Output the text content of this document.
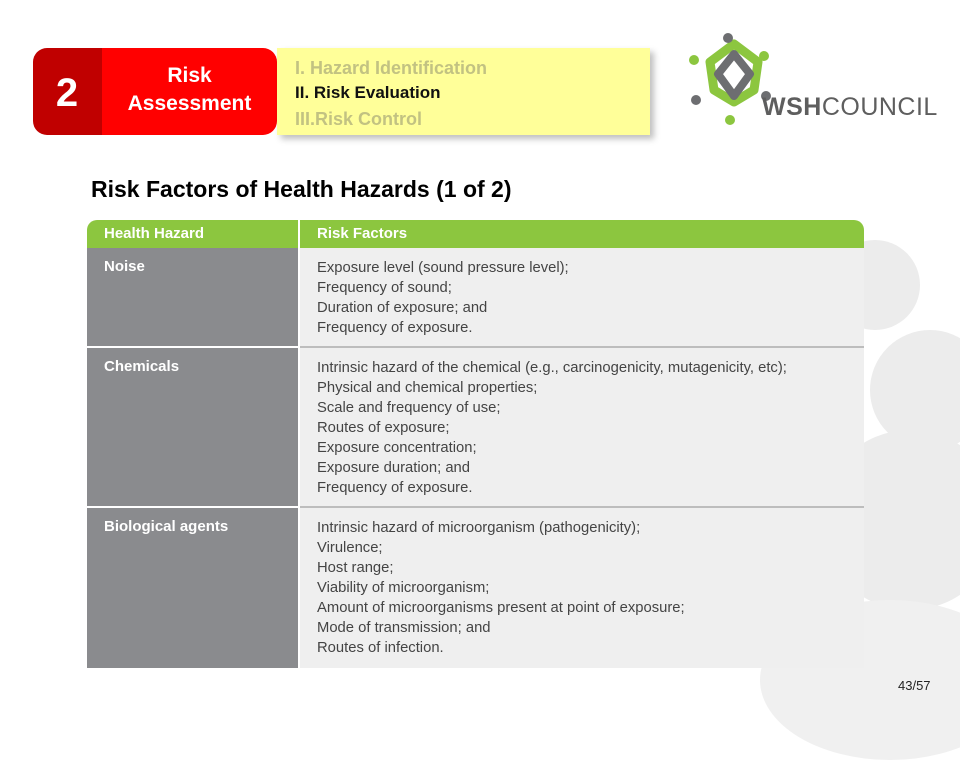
2	Risk
Assessment
I. Hazard Identification
II. Risk Evaluation
III.Risk Control	WSHCOUNCIL
Risk Factors of Health Hazards (1 of 2)
Health Hazard	Risk Factors
Noise	Exposure level (sound pressure level);
Frequency of sound;
Duration of exposure; and
Frequency of exposure.
Chemicals	Intrinsic hazard of the chemical (e.g., carcinogenicity, mutagenicity, etc);
Physical and chemical properties;
Scale and frequency of use;
Routes of exposure;
Exposure concentration;
Exposure duration; and
Frequency of exposure.
Biological agents	Intrinsic hazard of microorganism (pathogenicity);
Virulence;
Host range;
Viability of microorganism;
Amount of microorganisms present at point of exposure;
Mode of transmission; and
Routes of infection.
43/57
